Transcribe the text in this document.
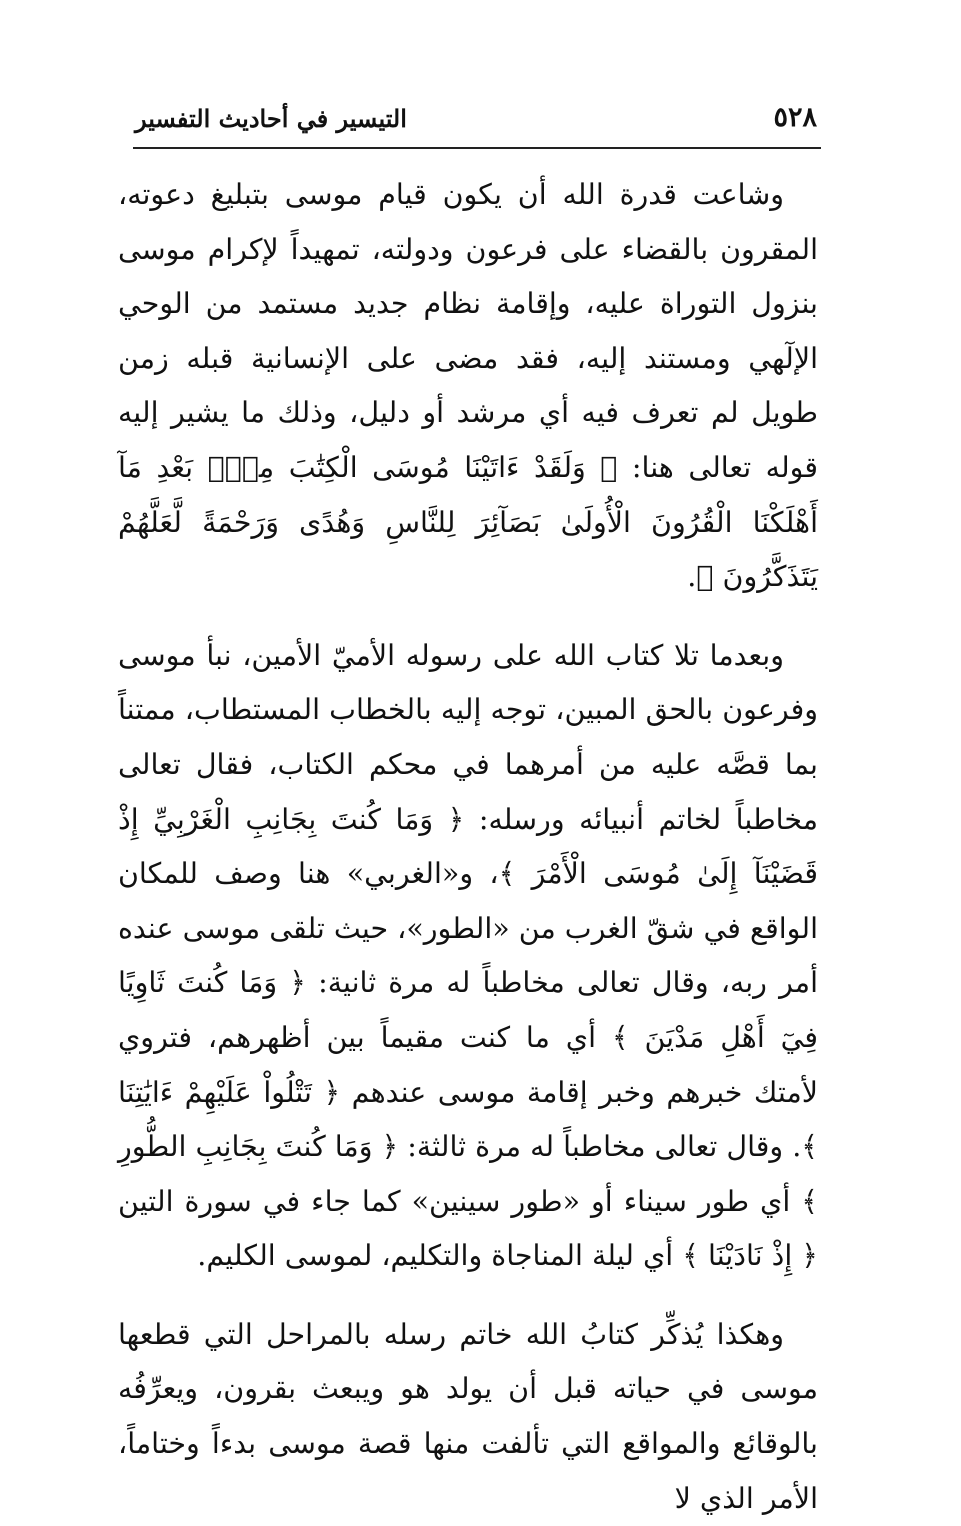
٥٢٨
التيسير في أحاديث التفسير

وشاعت قدرة الله أن يكون قيام موسى بتبليغ دعوته، المقرون بالقضاء على فرعون ودولته، تمهيداً لإكرام موسى بنزول التوراة عليه، وإقامة نظام جديد مستمد من الوحي الإلٓهي ومستند إليه، فقد مضى على الإنسانية قبله زمن طويل لم تعرف فيه أي مرشد أو دليل، وذلك ما يشير إليه قوله تعالى هنا: ﴿ وَلَقَدْ ءَاتَيْنَا مُوسَى الْكِتَٰبَ مِنْۢ بَعْدِ مَآ أَهْلَكْنَا الْقُرُونَ الْأُولَىٰ بَصَآئِرَ لِلنَّاسِ وَهُدًى وَرَحْمَةً لَّعَلَّهُمْ يَتَذَكَّرُونَ ﴾.

وبعدما تلا كتاب الله على رسوله الأميّ الأمين، نبأ موسى وفرعون بالحق المبين، توجه إليه بالخطاب المستطاب، ممتناً بما قصَّه عليه من أمرهما في محكم الكتاب، فقال تعالى مخاطباً لخاتم أنبيائه ورسله: ﴿ وَمَا كُنتَ بِجَانِبِ الْغَرْبِيِّ إِذْ قَضَيْنَآ إِلَىٰ مُوسَى الْأَمْرَ ﴾، و«الغربي» هنا وصف للمكان الواقع في شقّ الغرب من «الطور»، حيث تلقى موسى عنده أمر ربه، وقال تعالى مخاطباً له مرة ثانية: ﴿ وَمَا كُنتَ ثَاوِيًا فِيٓ أَهْلِ مَدْيَنَ ﴾ أي ما كنت مقيماً بين أظهرهم، فتروي لأمتك خبرهم وخبر إقامة موسى عندهم ﴿ تَتْلُواْ عَلَيْهِمْ ءَايَٰتِنَا ﴾. وقال تعالى مخاطباً له مرة ثالثة: ﴿ وَمَا كُنتَ بِجَانِبِ الطُّورِ ﴾ أي طور سيناء أو «طور سينين» كما جاء في سورة التين ﴿ إِذْ نَادَيْنَا ﴾ أي ليلة المناجاة والتكليم، لموسى الكليم.

وهكذا يُذكِّر كتابُ الله خاتم رسله بالمراحل التي قطعها موسى في حياته قبل أن يولد هو ويبعث بقرون، ويعرِّفُه بالوقائع والمواقع التي تألفت منها قصة موسى بدءاً وختاماً، الأمر الذي لا
